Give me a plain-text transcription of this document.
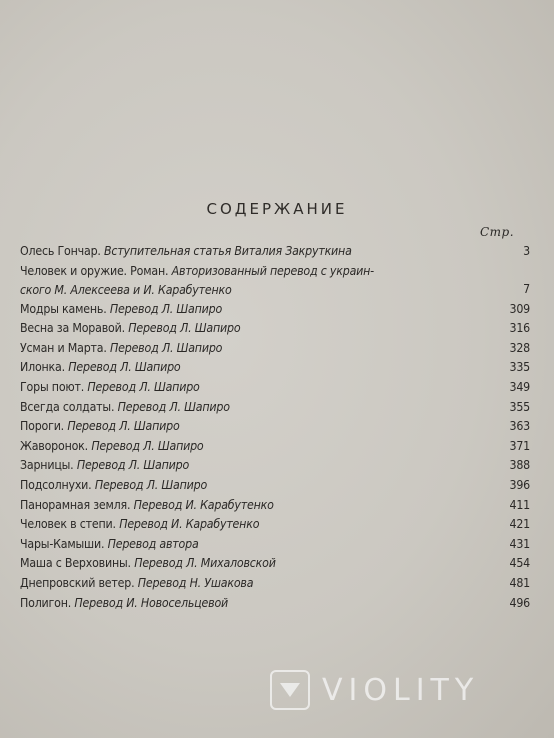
СОДЕРЖАНИЕ
Стр.
Олесь Гончар. Вступительная статья Виталия Закруткина	3
Человек и оружие. Роман. Авторизованный перевод с украин-
ского М. Алексеева и И. Карабутенко	7
Модры камень. Перевод Л. Шапиро	309
Весна за Моравой. Перевод Л. Шапиро	316
Усман и Марта. Перевод Л. Шапиро	328
Илонка. Перевод Л. Шапиро	335
Горы поют. Перевод Л. Шапиро	349
Всегда солдаты. Перевод Л. Шапиро	355
Пороги. Перевод Л. Шапиро	363
Жаворонок. Перевод Л. Шапиро	371
Зарницы. Перевод Л. Шапиро	388
Подсолнухи. Перевод Л. Шапиро	396
Панорамная земля. Перевод И. Карабутенко	411
Человек в степи. Перевод И. Карабутенко	421
Чары-Камыши. Перевод автора	431
Маша с Верховины. Перевод Л. Михаловской	454
Днепровский ветер. Перевод Н. Ушакова	481
Полигон. Перевод И. Новосельцевой	496
VIOLITY
